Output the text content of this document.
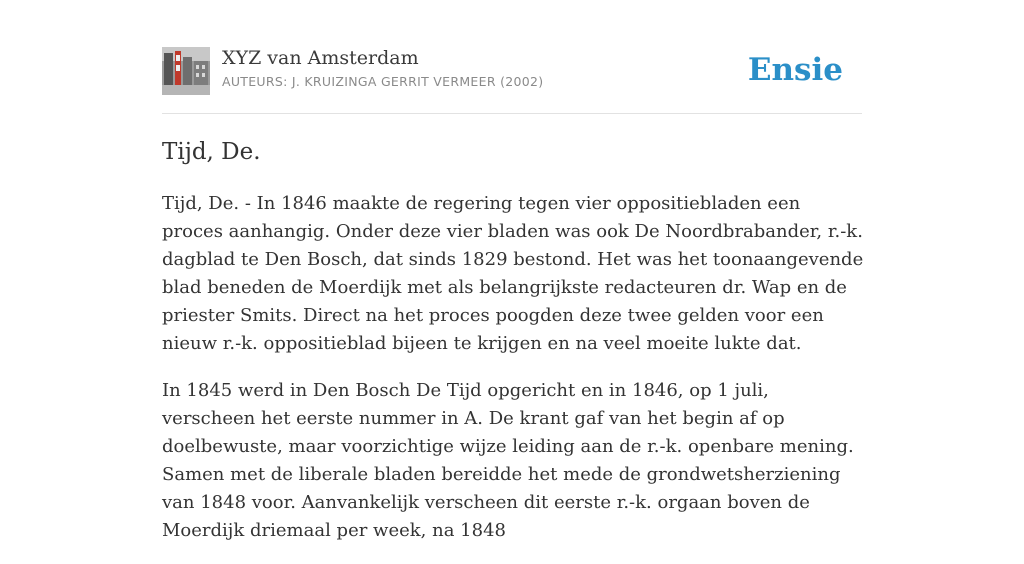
XYZ van Amsterdam
AUTEURS: J. KRUIZINGA GERRIT VERMEER (2002)	Ensie
Tijd, De.

Tijd, De. - In 1846 maakte de regering tegen vier oppositiebladen een proces aanhangig. Onder deze vier bladen was ook De Noordbrabander, r.-k. dagblad te Den Bosch, dat sinds 1829 bestond. Het was het toonaangevende blad beneden de Moerdijk met als belangrijkste redacteuren dr. Wap en de priester Smits. Direct na het proces poogden deze twee gelden voor een nieuw r.-k. oppositieblad bijeen te krijgen en na veel moeite lukte dat.

In 1845 werd in Den Bosch De Tijd opgericht en in 1846, op 1 juli, verscheen het eerste nummer in A. De krant gaf van het begin af op doelbewuste, maar voorzichtige wijze leiding aan de r.-k. openbare mening. Samen met de liberale bladen bereidde het mede de grondwetsherziening van 1848 voor. Aanvankelijk verscheen dit eerste r.-k. orgaan boven de Moerdijk driemaal per week, na 1848
